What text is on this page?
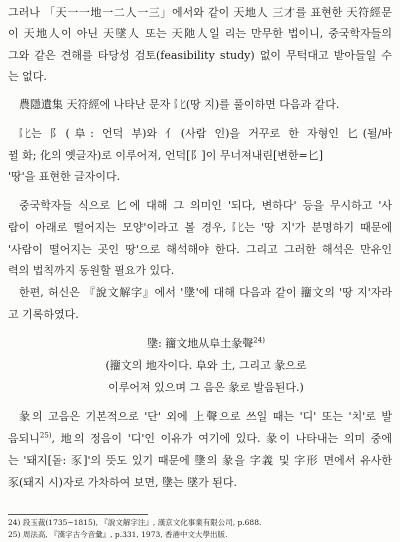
그러나 「天一一地一二人一三」에서와 같이 天地人 三才를 표현한 天符經문
이 天地人이 아닌 天墜人 또는 天阤人일 리는 만무한 법이니, 중국학자들의
그와 같은 견해를 타당성 검토(feasibility study) 없이 무턱대고 받아들일 수
는 없다.
農隱遺集 天符經에 나타난 문자 阝匕(땅 지)를 풀이하면 다음과 같다.
阝匕는 阝(阜: 언덕 부)와 亻(사람 인)을 거꾸로 한 자형인 匕(될/바
뀔 화; 化의 옛글자)로 이루어져, 언덕[阝]이 무너져내린[변한=匕]
'땅'을 표현한 글자이다.
중국학자들 식으로 匕에 대해 그 의미인 '되다, 변하다' 등을 무시하고 '사
람이 아래로 떨어지는 모양'이라고 볼 경우, 阝匕는 '땅 지'가 분명하기 때문에
'사람이 떨어지는 곳인 땅'으로 해석해야 한다. 그리고 그러한 해석은 만유인
력의 법칙까지 동원할 필요가 있다.
한편, 허신은 『說文解字』에서 '墬'에 대해 다음과 같이 籒文의 '땅 지'자라
고 기록하였다.
墬: 籒文地从阜土彖聲$^{24)}$
(籒文의 地자이다. 阜와 土, 그리고 彖으로
이루어져 있으며 그 음은 彖로 발음된다.)
彖의 고음은 기본적으로 '단' 외에 上聲으로 쓰일 때는 '디' 또는 '치'로 발
음되니$^{25)}$, 地의 정음이 '디'인 이유가 여기에 있다. 彖이 나타내는 의미 중에
는 '돼지[돝: 豕]'의 뜻도 있기 때문에 墬의 彖을 字義 및 字形 면에서 유사한
豕(돼지 시)자로 가차하여 보면, 墬는 墜가 된다.
24) 段玉裁(1735~1815), 『說文解字注』, 漢京文化事業有限公司, p.688.
25) 周法高, 『漢字古今音彙』, p.331, 1973, 香港中文大學出版.
